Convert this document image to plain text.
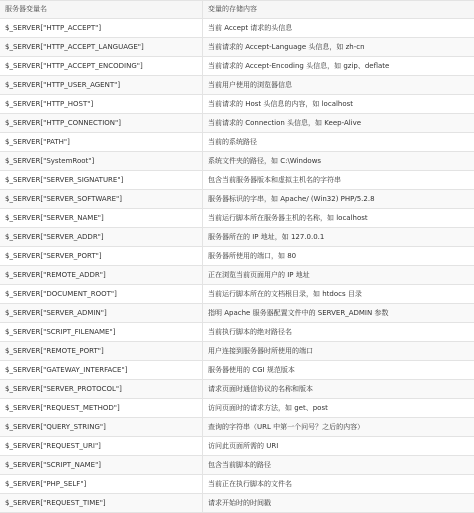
服务器变量名	变量的存储内容
$_SERVER["HTTP_ACCEPT"]	当前 Accept 请求的头信息
$_SERVER["HTTP_ACCEPT_LANGUAGE"]	当前请求的 Accept-Language 头信息，如 zh-cn
$_SERVER["HTTP_ACCEPT_ENCODING"]	当前请求的 Accept-Encoding 头信息，如 gzip、deflate
$_SERVER["HTTP_USER_AGENT"]	当前用户使用的浏览器信息
$_SERVER["HTTP_HOST"]	当前请求的 Host 头信息的内容，如 localhost
$_SERVER["HTTP_CONNECTION"]	当前请求的 Connection 头信息，如 Keep-Alive
$_SERVER["PATH"]	当前的系统路径
$_SERVER["SystemRoot"]	系统文件夹的路径，如 C:\Windows
$_SERVER["SERVER_SIGNATURE"]	包含当前服务器版本和虚拟主机名的字符串
$_SERVER["SERVER_SOFTWARE"]	服务器标识的字串，如 Apache/ (Win32) PHP/5.2.8
$_SERVER["SERVER_NAME"]	当前运行脚本所在服务器主机的名称，如 localhost
$_SERVER["SERVER_ADDR"]	服务器所在的 IP 地址，如 127.0.0.1
$_SERVER["SERVER_PORT"]	服务器所使用的端口，如 80
$_SERVER["REMOTE_ADDR"]	正在浏览当前页面用户的 IP 地址
$_SERVER["DOCUMENT_ROOT"]	当前运行脚本所在的文档根目录，如 htdocs 目录
$_SERVER["SERVER_ADMIN"]	指明 Apache 服务器配置文件中的 SERVER_ADMIN 参数
$_SERVER["SCRIPT_FILENAME"]	当前执行脚本的绝对路径名
$_SERVER["REMOTE_PORT"]	用户连接到服务器时所使用的端口
$_SERVER["GATEWAY_INTERFACE"]	服务器使用的 CGI 规范版本
$_SERVER["SERVER_PROTOCOL"]	请求页面时通信协议的名称和版本
$_SERVER["REQUEST_METHOD"]	访问页面时的请求方法，如 get、post
$_SERVER["QUERY_STRING"]	查询的字符串（URL 中第一个问号？之后的内容）
$_SERVER["REQUEST_URI"]	访问此页面所需的 URI
$_SERVER["SCRIPT_NAME"]	包含当前脚本的路径
$_SERVER["PHP_SELF"]	当前正在执行脚本的文件名
$_SERVER["REQUEST_TIME"]	请求开始时的时间戳
